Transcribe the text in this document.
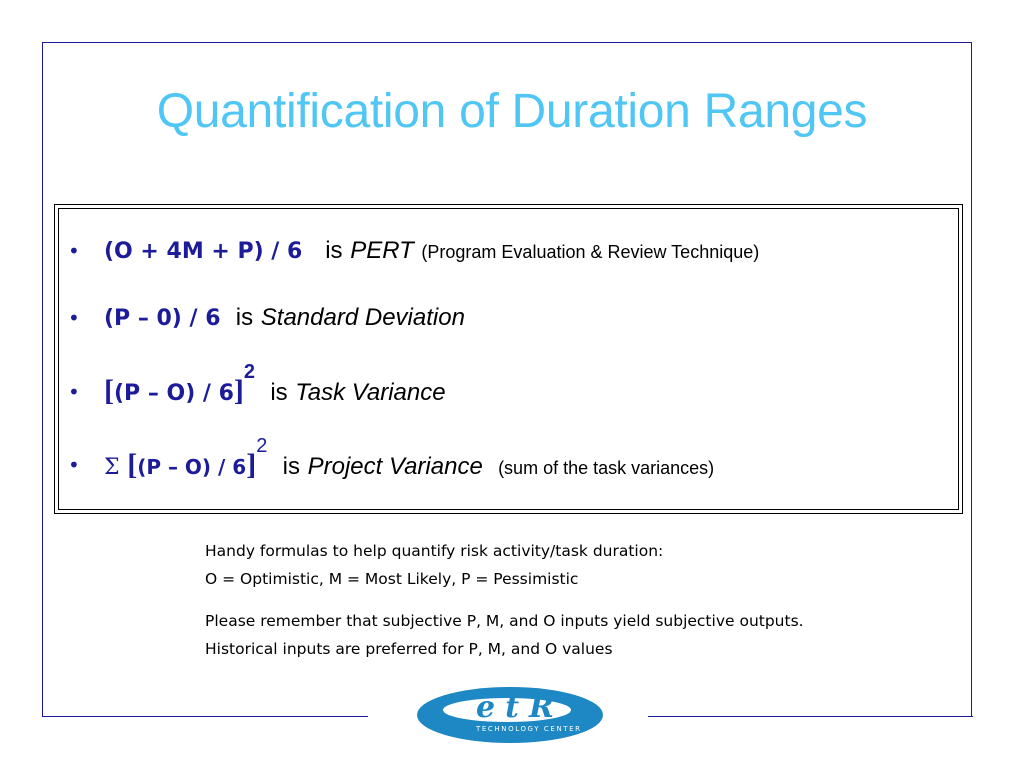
Quantification of Duration Ranges
• (O + 4M + P) / 6 is PERT (Program Evaluation & Review Technique)
• (P – 0) / 6 is Standard Deviation
• [(P – O) / 6]$^2$  is Task Variance
• Σ [(P – O) / 6]$^2$  is Project Variance (sum of the task variances)

Handy formulas to help quantify risk activity/task duration:

O = Optimistic, M = Most Likely, P = Pessimistic

Please remember that subjective P, M, and O inputs yield subjective outputs.

Historical inputs are preferred for P, M, and O values

etR
TECHNOLOGY CENTER
